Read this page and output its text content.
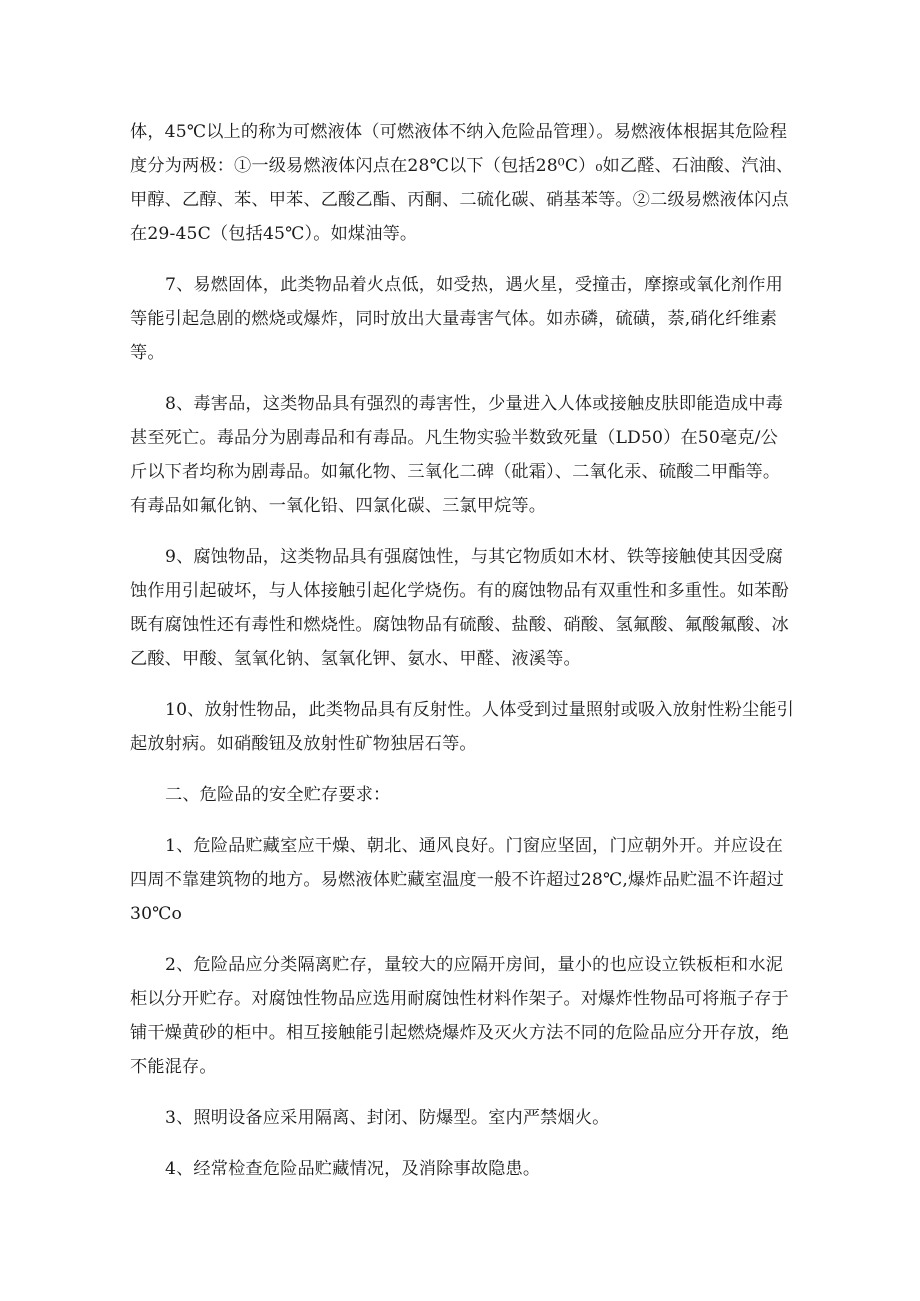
体，45℃以上的称为可燃液体（可燃液体不纳入危险品管理）。易燃液体根据其危险程
度分为两极：①一级易燃液体闪点在28℃以下（包括28⁰C）₀如乙醛、石油酸、汽油、
甲醇、乙醇、苯、甲苯、乙酸乙酯、丙酮、二硫化碳、硝基苯等。②二级易燃液体闪点
在29-45C（包括45℃）。如煤油等。
7、易燃固体，此类物品着火点低，如受热，遇火星，受撞击，摩擦或氧化剂作用
等能引起急剧的燃烧或爆炸，同时放出大量毒害气体。如赤磷，硫磺，萘,硝化纤维素
等。
8、毒害品，这类物品具有强烈的毒害性，少量进入人体或接触皮肤即能造成中毒
甚至死亡。毒品分为剧毒品和有毒品。凡生物实验半数致死量（LD50）在50毫克/公
斤以下者均称为剧毒品。如氟化物、三氧化二碑（砒霜）、二氧化汞、硫酸二甲酯等。
有毒品如氟化钠、一氧化铅、四氯化碳、三氯甲烷等。
9、腐蚀物品，这类物品具有强腐蚀性，与其它物质如木材、铁等接触使其因受腐
蚀作用引起破坏，与人体接触引起化学烧伤。有的腐蚀物品有双重性和多重性。如苯酚
既有腐蚀性还有毒性和燃烧性。腐蚀物品有硫酸、盐酸、硝酸、氢氟酸、氟酸氟酸、冰
乙酸、甲酸、氢氧化钠、氢氧化钾、氨水、甲醛、液溪等。
10、放射性物品，此类物品具有反射性。人体受到过量照射或吸入放射性粉尘能引
起放射病。如硝酸钮及放射性矿物独居石等。
二、危险品的安全贮存要求：
1、危险品贮藏室应干燥、朝北、通风良好。门窗应坚固，门应朝外开。并应设在
四周不靠建筑物的地方。易燃液体贮藏室温度一般不许超过28℃,爆炸品贮温不许超过
30℃o
2、危险品应分类隔离贮存，量较大的应隔开房间，量小的也应设立铁板柜和水泥
柜以分开贮存。对腐蚀性物品应选用耐腐蚀性材料作架子。对爆炸性物品可将瓶子存于
铺干燥黄砂的柜中。相互接触能引起燃烧爆炸及灭火方法不同的危险品应分开存放，绝
不能混存。
3、照明设备应采用隔离、封闭、防爆型。室内严禁烟火。
4、经常检查危险品贮藏情况，及消除事故隐患。
